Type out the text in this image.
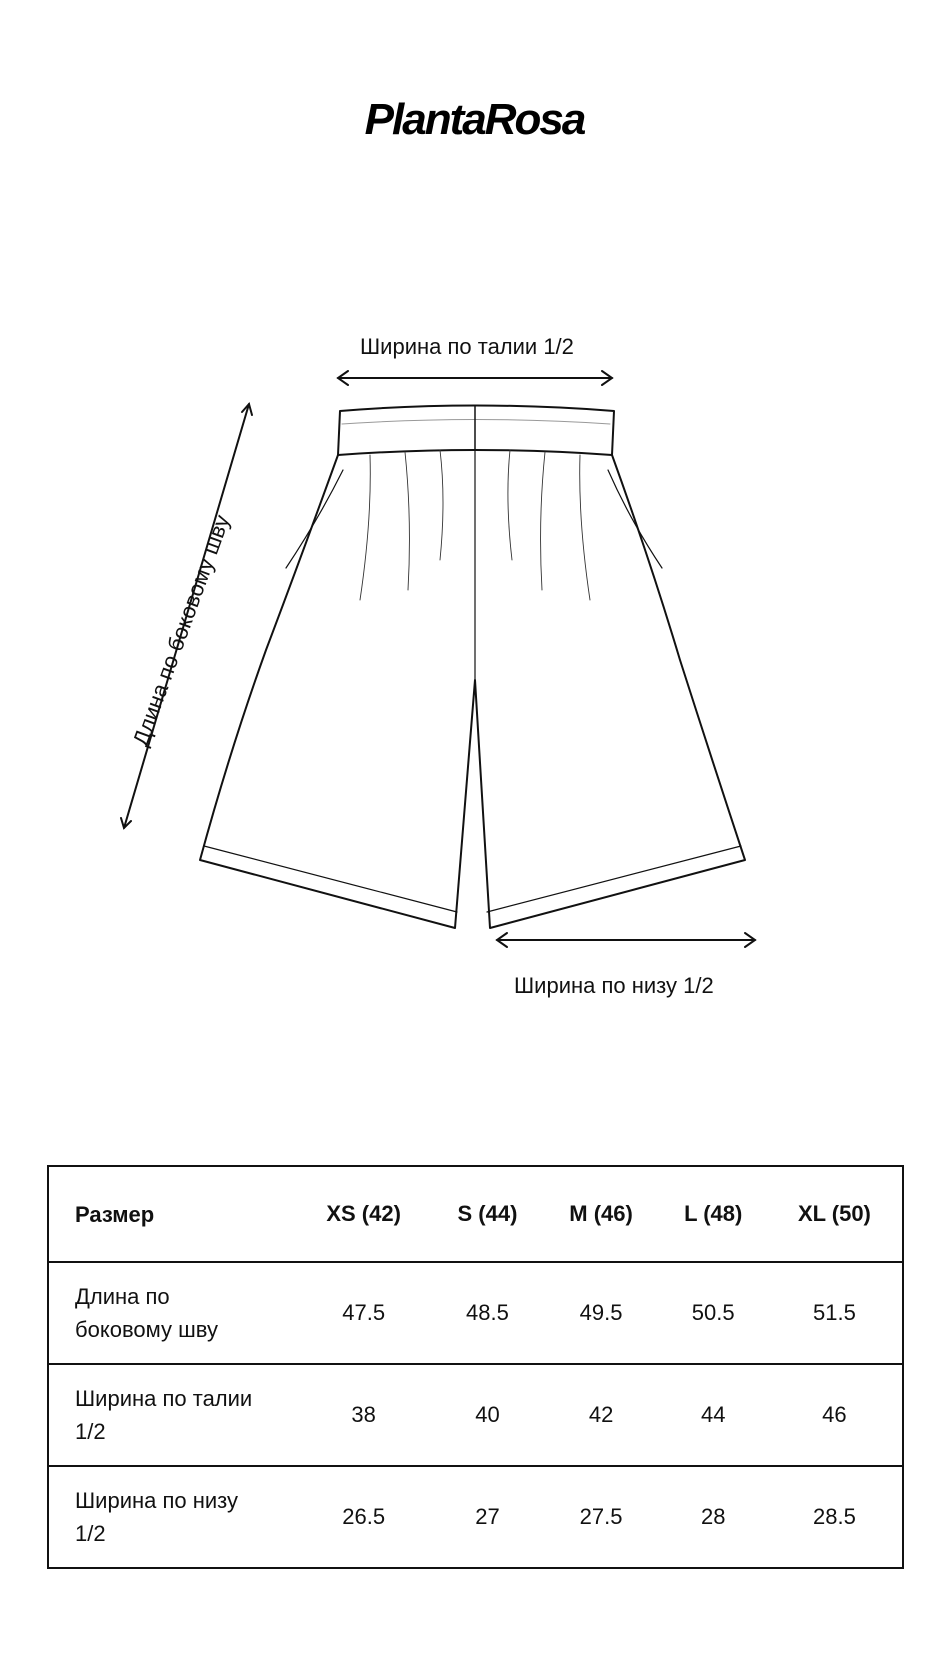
PlantaRosa
Ширина по талии 1/2
Ширина по низу 1/2
Длина по боковому шву
Размер	XS (42)	S (44)	M (46)	L (48)	XL (50)
Длина по
боковому шву	47.5	48.5	49.5	50.5	51.5
Ширина по талии
1/2	38	40	42	44	46
Ширина по низу
1/2	26.5	27	27.5	28	28.5
